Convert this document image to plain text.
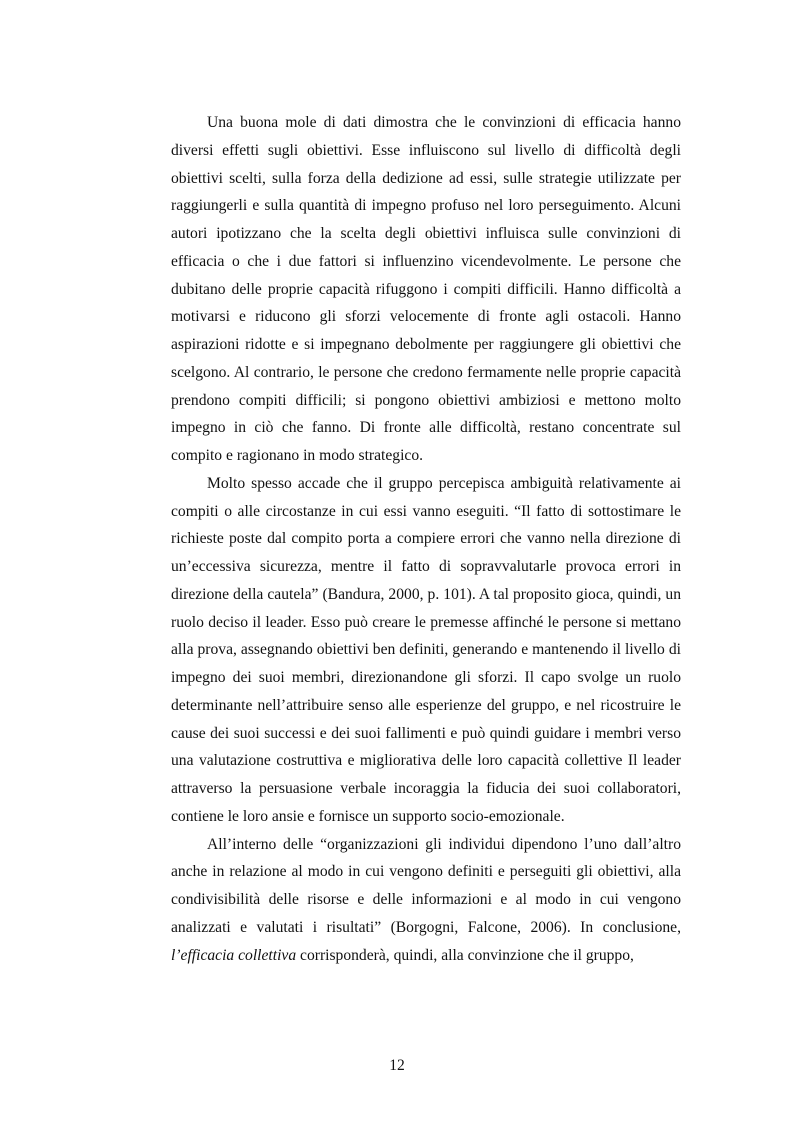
Una buona mole di dati dimostra che le convinzioni di efficacia hanno diversi effetti sugli obiettivi. Esse influiscono sul livello di difficoltà degli obiettivi scelti, sulla forza della dedizione ad essi, sulle strategie utilizzate per raggiungerli e sulla quantità di impegno profuso nel loro perseguimento. Alcuni autori ipotizzano che la scelta degli obiettivi influisca sulle convinzioni di efficacia o che i due fattori si influenzino vicendevolmente. Le persone che dubitano delle proprie capacità rifuggono i compiti difficili. Hanno difficoltà a motivarsi e riducono gli sforzi velocemente di fronte agli ostacoli. Hanno aspirazioni ridotte e si impegnano debolmente per raggiungere gli obiettivi che scelgono. Al contrario, le persone che credono fermamente nelle proprie capacità prendono compiti difficili; si pongono obiettivi ambiziosi e mettono molto impegno in ciò che fanno. Di fronte alle difficoltà, restano concentrate sul compito e ragionano in modo strategico.

Molto spesso accade che il gruppo percepisca ambiguità relativamente ai compiti o alle circostanze in cui essi vanno eseguiti. “Il fatto di sottostimare le richieste poste dal compito porta a compiere errori che vanno nella direzione di un’eccessiva sicurezza, mentre il fatto di sopravvalutarle provoca errori in direzione della cautela” (Bandura, 2000, p. 101). A tal proposito gioca, quindi, un ruolo deciso il leader. Esso può creare le premesse affinché le persone si mettano alla prova, assegnando obiettivi ben definiti, generando e mantenendo il livello di impegno dei suoi membri, direzionandone gli sforzi. Il capo svolge un ruolo determinante nell’attribuire senso alle esperienze del gruppo, e nel ricostruire le cause dei suoi successi e dei suoi fallimenti e può quindi guidare i membri verso una valutazione costruttiva e migliorativa delle loro capacità collettive Il leader attraverso la persuasione verbale incoraggia la fiducia dei suoi collaboratori, contiene le loro ansie e fornisce un supporto socio-emozionale.

All’interno delle “organizzazioni gli individui dipendono l’uno dall’altro anche in relazione al modo in cui vengono definiti e perseguiti gli obiettivi, alla condivisibilità delle risorse e delle informazioni e al modo in cui vengono analizzati e valutati i risultati” (Borgogni, Falcone, 2006). In conclusione, l’efficacia collettiva corrisponderà, quindi, alla convinzione che il gruppo,

12
